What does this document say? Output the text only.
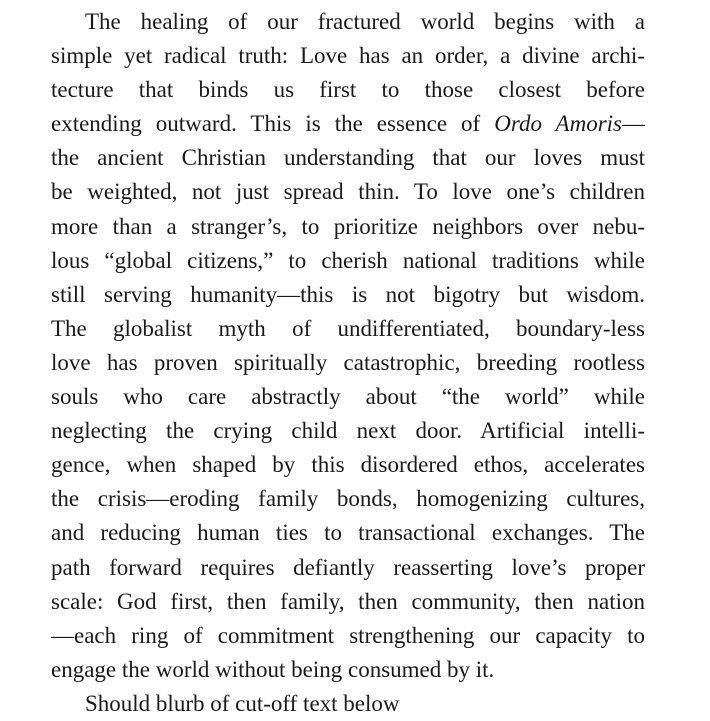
The healing of our fractured world begins with a
simple yet radical truth: Love has an order, a divine archi-
tecture that binds us first to those closest before
extending outward. This is the essence of Ordo Amoris—
the ancient Christian understanding that our loves must
be weighted, not just spread thin. To love one’s children
more than a stranger’s, to prioritize neighbors over nebu-
lous “global citizens,” to cherish national traditions while
still serving humanity—this is not bigotry but wisdom.
The globalist myth of undifferentiated, boundary-less
love has proven spiritually catastrophic, breeding rootless
souls who care abstractly about “the world” while
neglecting the crying child next door. Artificial intelli-
gence, when shaped by this disordered ethos, accelerates
the crisis—eroding family bonds, homogenizing cultures,
and reducing human ties to transactional exchanges. The
path forward requires defiantly reasserting love’s proper
scale: God first, then family, then community, then nation
—each ring of commitment strengthening our capacity to
engage the world without being consumed by it.
Should blurb of cut-off text below
